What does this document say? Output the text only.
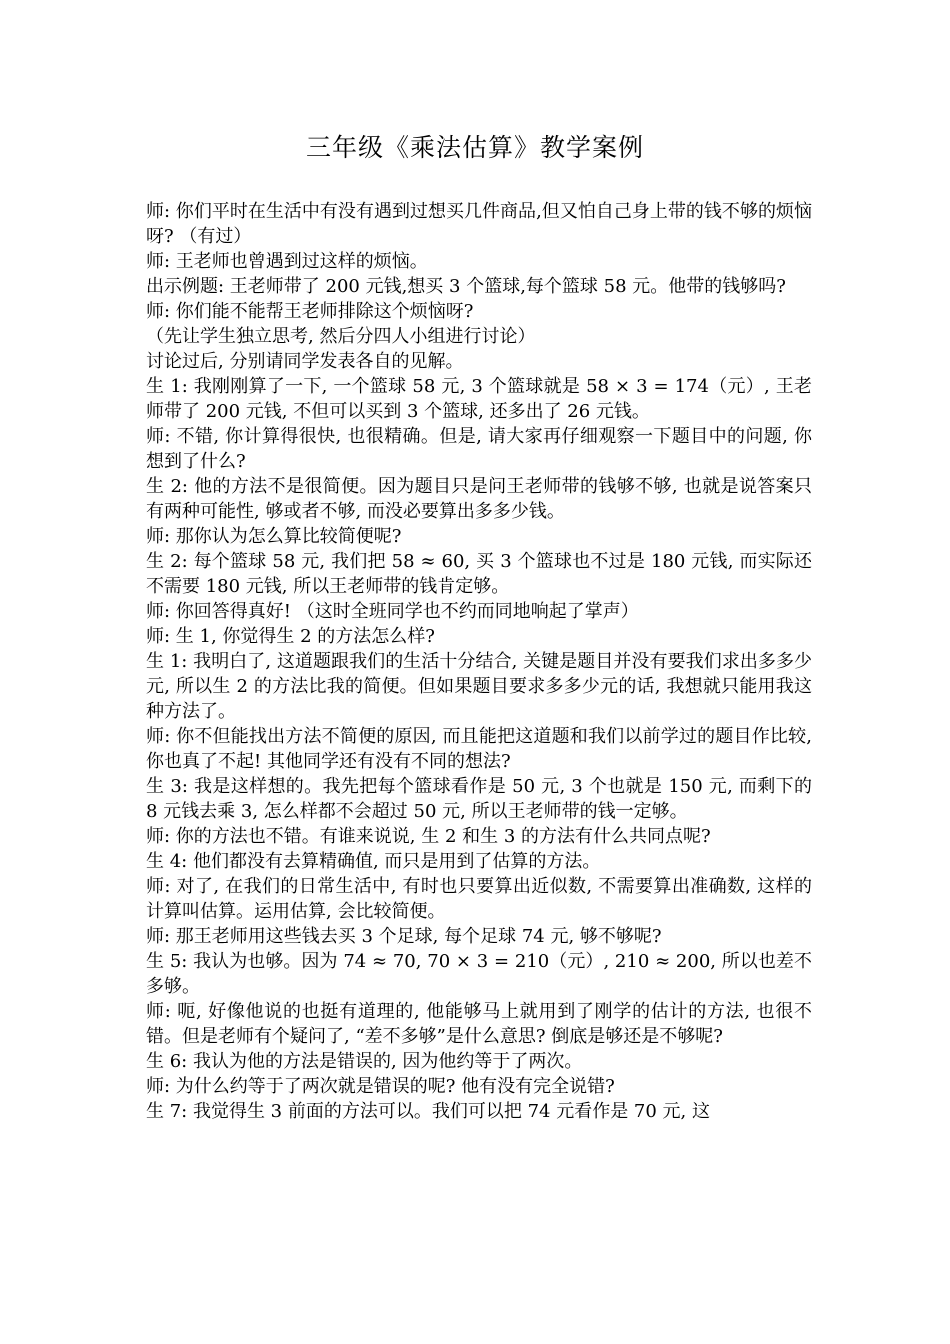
三年级《乘法估算》教学案例

师: 你们平时在生活中有没有遇到过想买几件商品,但又怕自己身上带的钱不够的烦恼呀? （有过）

师: 王老师也曾遇到过这样的烦恼。

出示例题: 王老师带了 200 元钱,想买 3 个篮球,每个篮球 58 元。他带的钱够吗?

师: 你们能不能帮王老师排除这个烦恼呀?

（先让学生独立思考, 然后分四人小组进行讨论）

讨论过后, 分别请同学发表各自的见解。

生 1: 我刚刚算了一下, 一个篮球 58 元, 3 个篮球就是 58 × 3 = 174（元）, 王老师带了 200 元钱, 不但可以买到 3 个篮球, 还多出了 26 元钱。

师: 不错, 你计算得很快, 也很精确。但是, 请大家再仔细观察一下题目中的问题, 你想到了什么?

生 2: 他的方法不是很简便。因为题目只是问王老师带的钱够不够, 也就是说答案只有两种可能性, 够或者不够, 而没必要算出多多少钱。

师: 那你认为怎么算比较简便呢?

生 2: 每个篮球 58 元, 我们把 58 ≈ 60, 买 3 个篮球也不过是 180 元钱, 而实际还不需要 180 元钱, 所以王老师带的钱肯定够。

师: 你回答得真好! （这时全班同学也不约而同地响起了掌声）

师: 生 1, 你觉得生 2 的方法怎么样?

生 1: 我明白了, 这道题跟我们的生活十分结合, 关键是题目并没有要我们求出多多少元, 所以生 2 的方法比我的简便。但如果题目要求多多少元的话, 我想就只能用我这种方法了。

师: 你不但能找出方法不简便的原因, 而且能把这道题和我们以前学过的题目作比较, 你也真了不起! 其他同学还有没有不同的想法?

生 3: 我是这样想的。我先把每个篮球看作是 50 元, 3 个也就是 150 元, 而剩下的 8 元钱去乘 3, 怎么样都不会超过 50 元, 所以王老师带的钱一定够。

师: 你的方法也不错。有谁来说说, 生 2 和生 3 的方法有什么共同点呢?

生 4: 他们都没有去算精确值, 而只是用到了估算的方法。

师: 对了, 在我们的日常生活中, 有时也只要算出近似数, 不需要算出准确数, 这样的计算叫估算。运用估算, 会比较简便。

师: 那王老师用这些钱去买 3 个足球, 每个足球 74 元, 够不够呢?

生 5: 我认为也够。因为 74 ≈ 70, 70 × 3 = 210（元）, 210 ≈ 200, 所以也差不多够。

师: 呃, 好像他说的也挺有道理的, 他能够马上就用到了刚学的估计的方法, 也很不错。但是老师有个疑问了, “差不多够”是什么意思? 倒底是够还是不够呢?

生 6: 我认为他的方法是错误的, 因为他约等于了两次。

师: 为什么约等于了两次就是错误的呢? 他有没有完全说错?

生 7: 我觉得生 3 前面的方法可以。我们可以把 74 元看作是 70 元, 这
